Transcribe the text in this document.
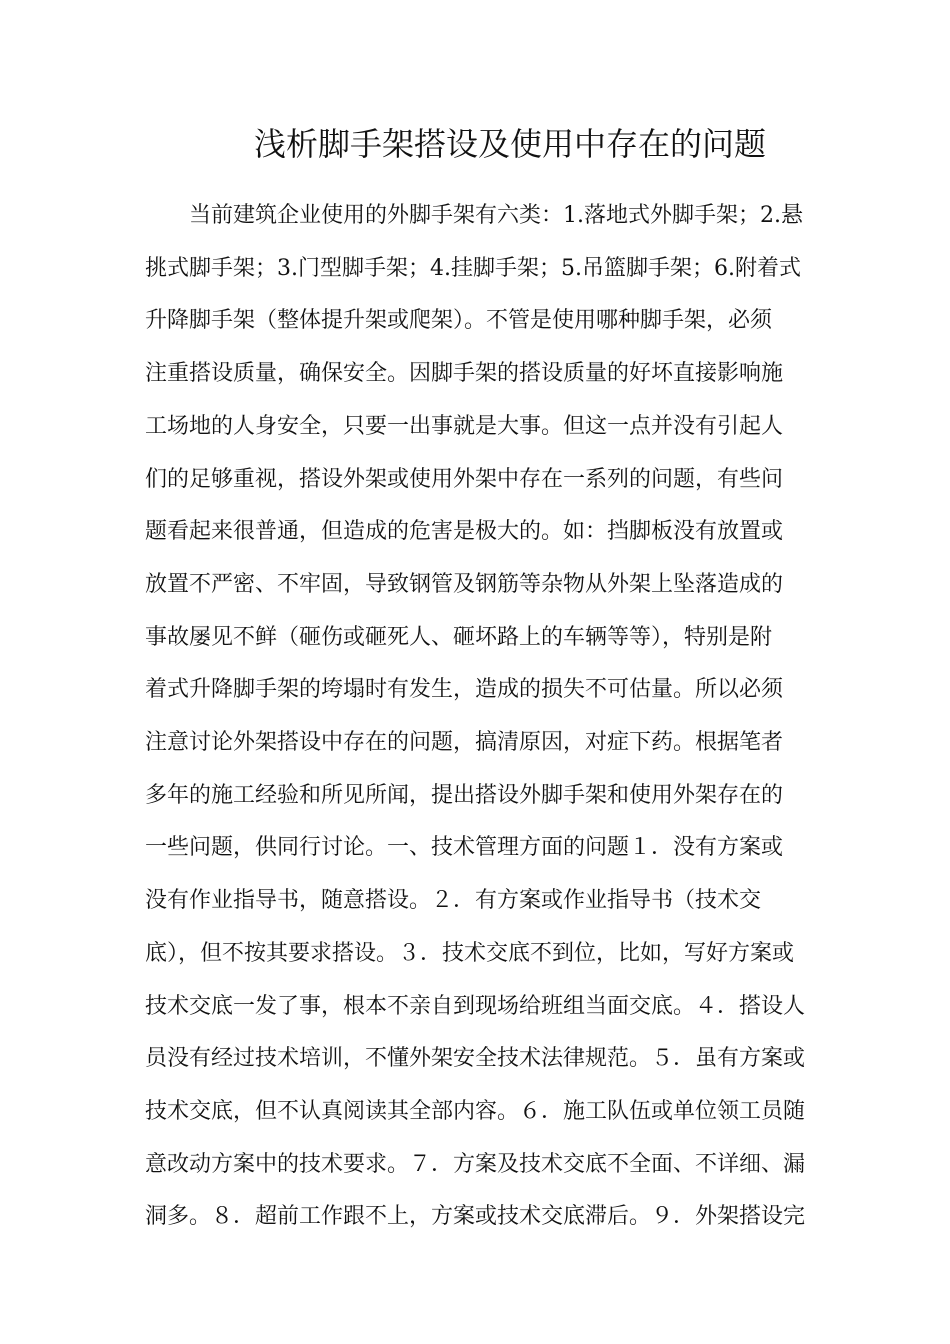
浅析脚手架搭设及使用中存在的问题
当前建筑企业使用的外脚手架有六类：1.落地式外脚手架；2.悬
挑式脚手架；3.门型脚手架；4.挂脚手架；5.吊篮脚手架；6.附着式
升降脚手架（整体提升架或爬架）。不管是使用哪种脚手架，必须
注重搭设质量，确保安全。因脚手架的搭设质量的好坏直接影响施
工场地的人身安全，只要一出事就是大事。但这一点并没有引起人
们的足够重视，搭设外架或使用外架中存在一系列的问题，有些问
题看起来很普通，但造成的危害是极大的。如：挡脚板没有放置或
放置不严密、不牢固，导致钢管及钢筋等杂物从外架上坠落造成的
事故屡见不鲜（砸伤或砸死人、砸坏路上的车辆等等），特别是附
着式升降脚手架的垮塌时有发生，造成的损失不可估量。所以必须
注意讨论外架搭设中存在的问题，搞清原因，对症下药。根据笔者
多年的施工经验和所见所闻，提出搭设外脚手架和使用外架存在的
一些问题，供同行讨论。一、技术管理方面的问题１．没有方案或
没有作业指导书，随意搭设。２．有方案或作业指导书（技术交
底），但不按其要求搭设。３．技术交底不到位，比如，写好方案或
技术交底一发了事，根本不亲自到现场给班组当面交底。４．搭设人
员没有经过技术培训，不懂外架安全技术法律规范。５．虽有方案或
技术交底，但不认真阅读其全部内容。６．施工队伍或单位领工员随
意改动方案中的技术要求。７．方案及技术交底不全面、不详细、漏
洞多。８．超前工作跟不上，方案或技术交底滞后。９．外架搭设完
